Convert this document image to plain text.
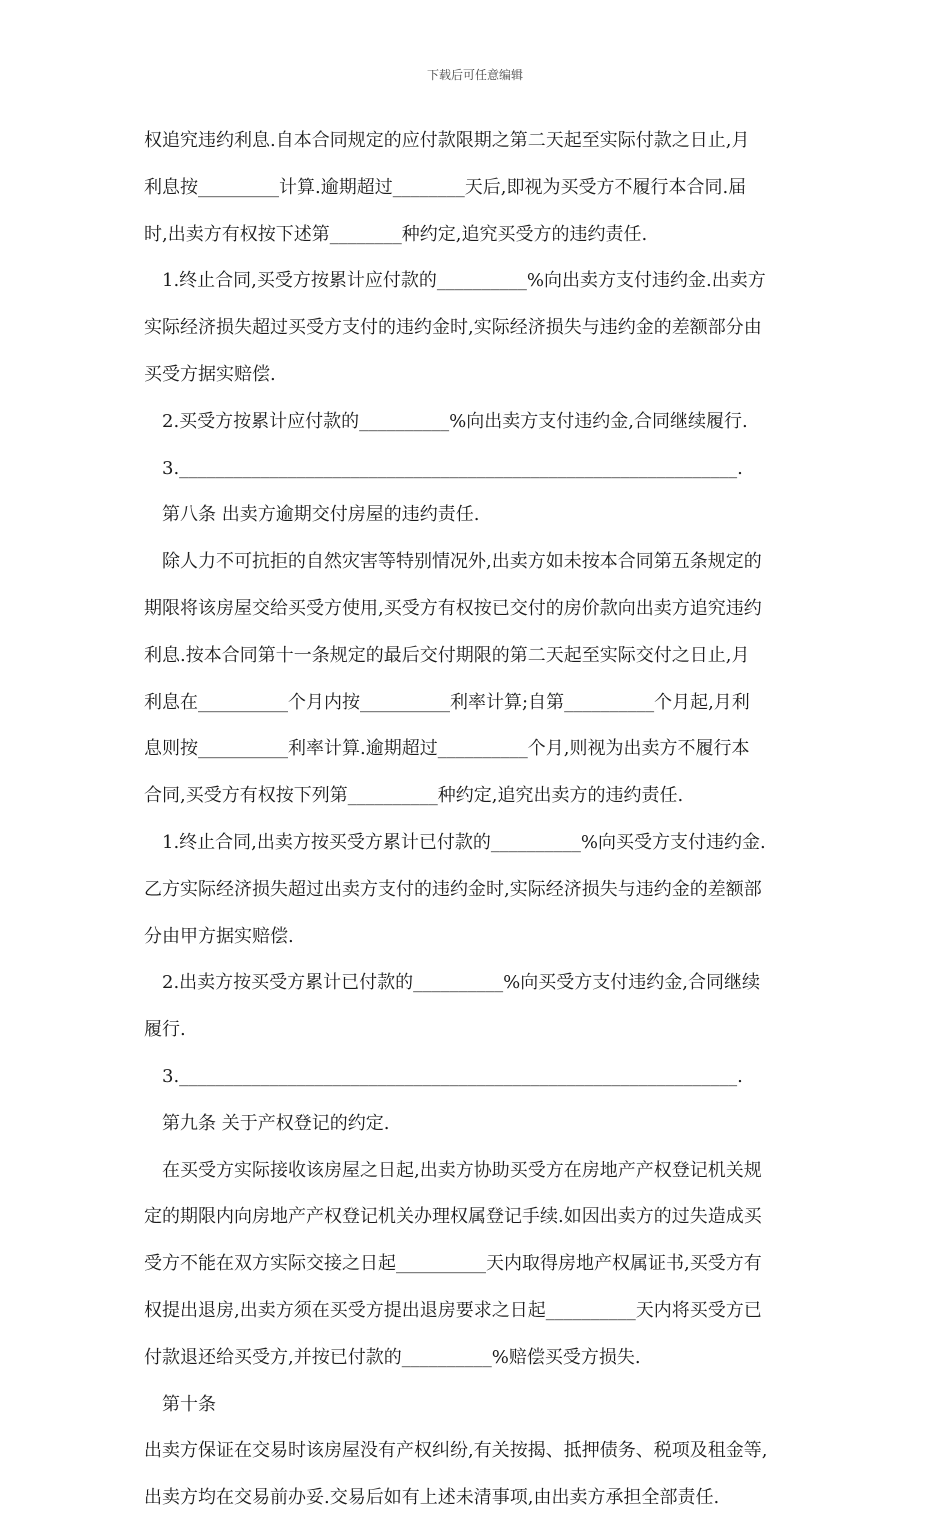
下载后可任意编辑
权追究违约利息.自本合同规定的应付款限期之第二天起至实际付款之日止,月
利息按_________计算.逾期超过________天后,即视为买受方不履行本合同.届
时,出卖方有权按下述第________种约定,追究买受方的违约责任.
1.终止合同,买受方按累计应付款的__________%向出卖方支付违约金.出卖方
实际经济损失超过买受方支付的违约金时,实际经济损失与违约金的差额部分由
买受方据实赔偿.
2.买受方按累计应付款的__________%向出卖方支付违约金,合同继续履行.
3.______________________________________________________________.
第八条 出卖方逾期交付房屋的违约责任.
除人力不可抗拒的自然灾害等特别情况外,出卖方如未按本合同第五条规定的
期限将该房屋交给买受方使用,买受方有权按已交付的房价款向出卖方追究违约
利息.按本合同第十一条规定的最后交付期限的第二天起至实际交付之日止,月
利息在__________个月内按__________利率计算;自第__________个月起,月利
息则按__________利率计算.逾期超过__________个月,则视为出卖方不履行本
合同,买受方有权按下列第__________种约定,追究出卖方的违约责任.
1.终止合同,出卖方按买受方累计已付款的__________%向买受方支付违约金.
乙方实际经济损失超过出卖方支付的违约金时,实际经济损失与违约金的差额部
分由甲方据实赔偿.
2.出卖方按买受方累计已付款的__________%向买受方支付违约金,合同继续
履行.
3.______________________________________________________________.
第九条 关于产权登记的约定.
在买受方实际接收该房屋之日起,出卖方协助买受方在房地产产权登记机关规
定的期限内向房地产产权登记机关办理权属登记手续.如因出卖方的过失造成买
受方不能在双方实际交接之日起__________天内取得房地产权属证书,买受方有
权提出退房,出卖方须在买受方提出退房要求之日起__________天内将买受方已
付款退还给买受方,并按已付款的__________%赔偿买受方损失.
第十条
出卖方保证在交易时该房屋没有产权纠纷,有关按揭、抵押债务、税项及租金等,
出卖方均在交易前办妥.交易后如有上述未清事项,由出卖方承担全部责任.
